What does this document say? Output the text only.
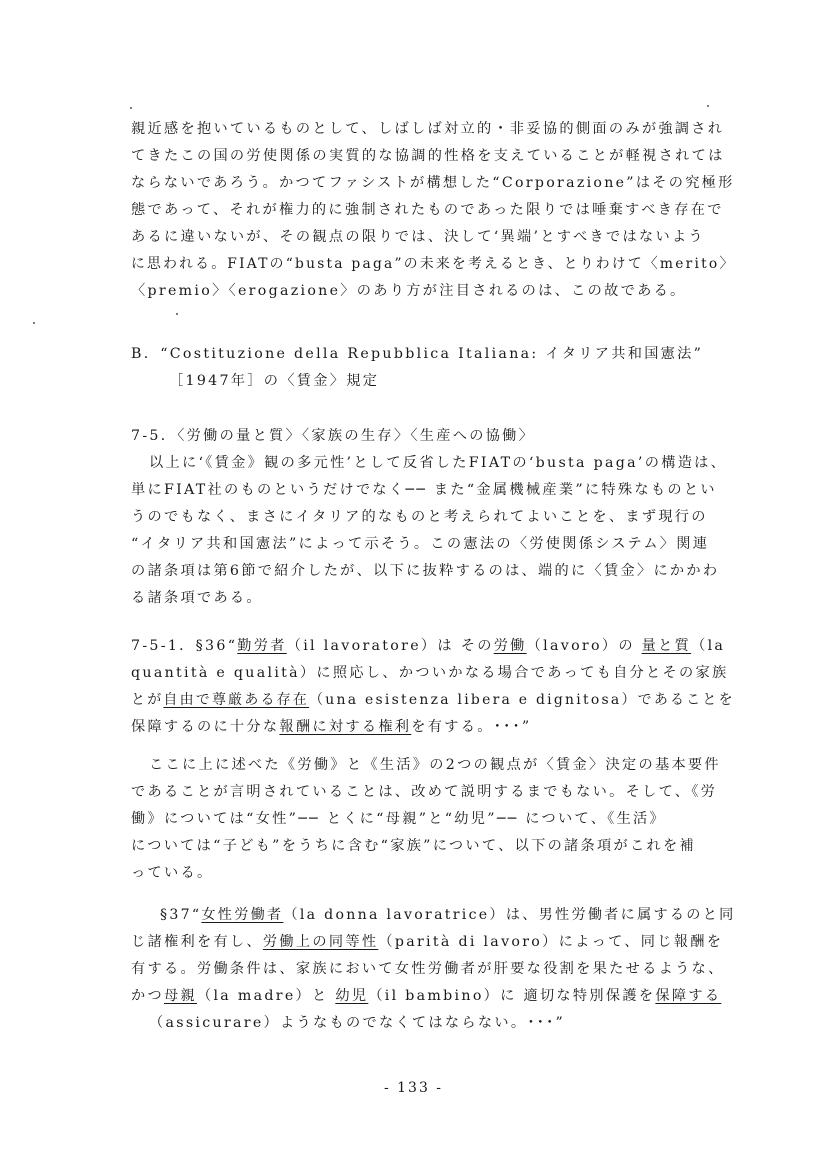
親近感を抱いているものとして、しばしば対立的・非妥協的側面のみが強調され
てきたこの国の労使関係の実質的な協調的性格を支えていることが軽視されては
ならないであろう。かつてファシストが構想した“Corporazione”はその究極形
態であって、それが権力的に強制されたものであった限りでは唾棄すべき存在で
あるに違いないが、その観点の限りでは、決して‘異端’とすべきではないよう
に思われる。FIATの“busta paga”の未来を考えるとき、とりわけて〈merito〉
〈premio〉〈erogazione〉のあり方が注目されるのは、この故である。
B．“Costituzione della Repubblica Italiana: イタリア共和国憲法”
［1947年］の〈賃金〉規定
7-5．〈労働の量と質〉〈家族の生存〉〈生産への協働〉
以上に‘《賃金》観の多元性’として反省したFIATの‘busta paga’の構造は、
単にFIAT社のものというだけでなく── また“金属機械産業”に特殊なものとい
うのでもなく、まさにイタリア的なものと考えられてよいことを、まず現行の
“イタリア共和国憲法”によって示そう。この憲法の〈労使関係システム〉関連
の諸条項は第6節で紹介したが、以下に抜粋するのは、端的に〈賃金〉にかかわ
る諸条項である。
7-5-1．§36“勤労者（il lavoratore）は その労働（lavoro）の 量と質（la
quantità e qualità）に照応し、かついかなる場合であっても自分とその家族
とが自由で尊厳ある存在（una esistenza libera e dignitosa）であることを
保障するのに十分な報酬に対する権利を有する。･･･”
ここに上に述べた《労働》と《生活》の2つの観点が〈賃金〉決定の基本要件
であることが言明されていることは、改めて説明するまでもない。そして、《労
働》については“女性”── とくに“母親”と“幼児”── について、《生活》
については“子ども”をうちに含む“家族”について、以下の諸条項がこれを補
っている。
§37“女性労働者（la donna lavoratrice）は、男性労働者に属するのと同
じ諸権利を有し、労働上の同等性（parità di lavoro）によって、同じ報酬を
有する。労働条件は、家族において女性労働者が肝要な役割を果たせるような、
かつ母親（la madre）と 幼児（il bambino）に 適切な特別保護を保障する
（assicurare）ようなものでなくてはならない。･･･”
- 133 -
